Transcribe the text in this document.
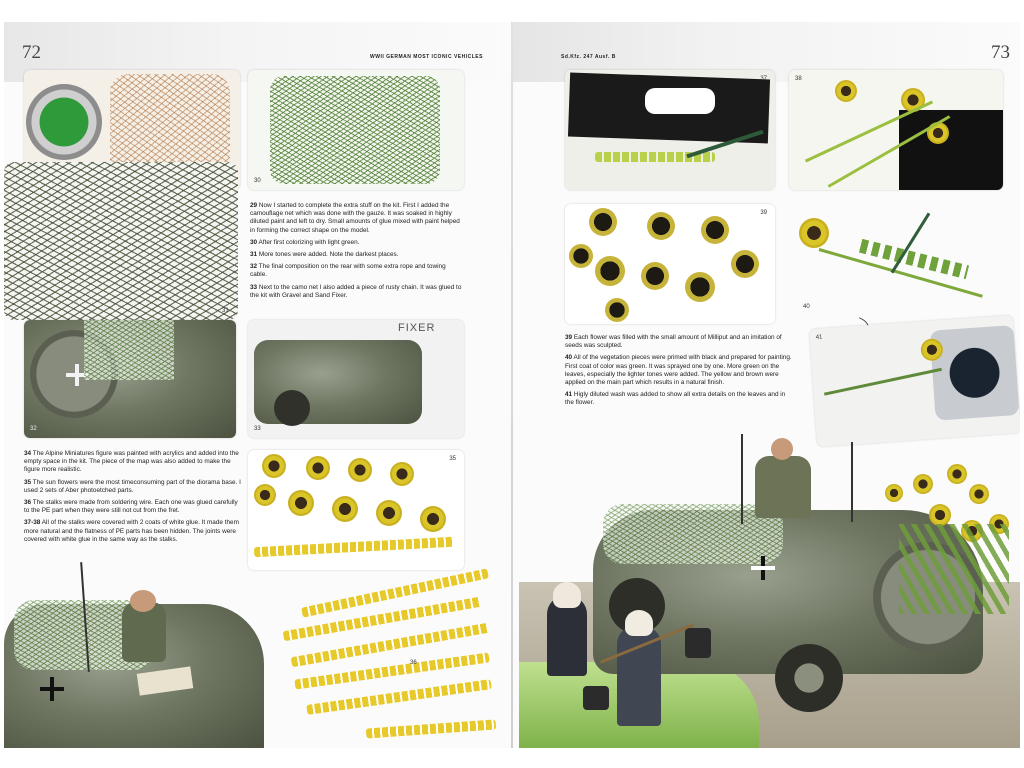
72	WWII GERMAN MOST ICONIC VEHICLES
30
31

29 Now I started to complete the extra stuff on the kit. First I added the camouflage net which was done with the gauze. It was soaked in highly diluted paint and left to dry. Small amounts of glue mixed with paint helped in forming the correct shape on the model.

30 After first colorizing with light green.

31 More tones were added. Note the darkest places.

32 The final composition on the rear with some extra rope and towing cable.

33 Next to the camo net I also added a piece of rusty chain. It was glued to the kit with Gravel and Sand Fixer.

32
FIXER
33

34 The Alpine Miniatures figure was painted with acrylics and added into the empty space in the kit. The piece of the map was also added to make the figure more realistic.

35 The sun flowers were the most timeconsuming part of the diorama base. I used 2 sets of Aber photoetched parts.

36 The stalks were made from soldering wire. Each one was glued carefully to the PE part when they were still not cut from the fret.

37-38 All of the stalks were covered with 2 coats of white glue. It made them more natural and the flatness of PE parts has been hidden. The joints were covered with white glue in the same way as the stalks.

35
36
73
Sd.Kfz. 247 Ausf. B
37	38
39
40
41

39 Each flower was filled with the small amount of Milliput and an imitation of seeds was sculpted.

40 All of the vegetation pieces were primed with black and prepared for painting. First coat of color was green. It was sprayed one by one. More green on the leaves, especially the lighter tones were added. The yellow and brown were applied on the main part which results in a natural finish.

41 Higly diluted wash was added to show all extra details on the leaves and in the flower.
